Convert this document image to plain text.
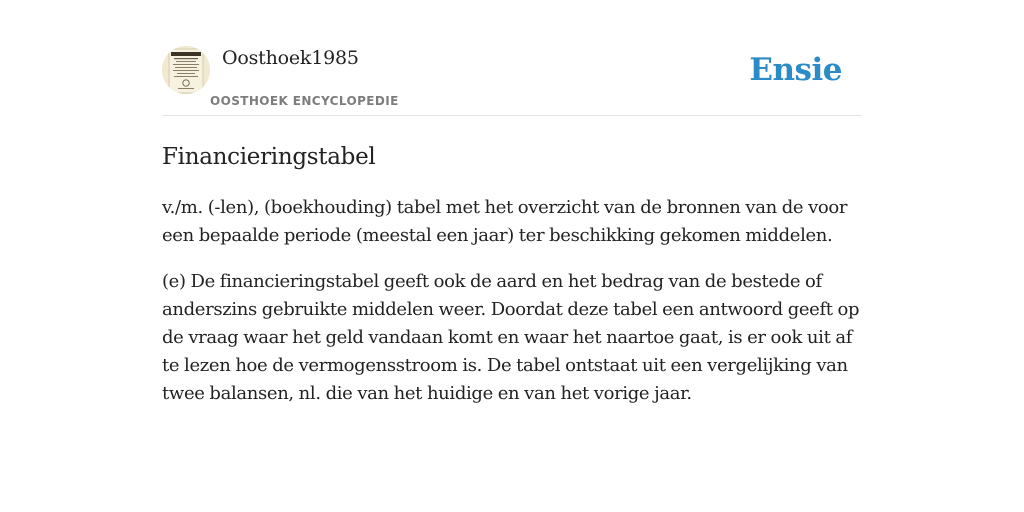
Oosthoek1985
OOSTHOEK ENCYCLOPEDIE
Ensie
Financieringstabel

v./m. (-len), (boekhouding) tabel met het overzicht van de bronnen van de voor een bepaalde periode (meestal een jaar) ter beschikking gekomen middelen.

(e) De financieringstabel geeft ook de aard en het bedrag van de bestede of anderszins gebruikte middelen weer. Doordat deze tabel een antwoord geeft op de vraag waar het geld vandaan komt en waar het naartoe gaat, is er ook uit af te lezen hoe de vermogensstroom is. De tabel ontstaat uit een vergelijking van twee balansen, nl. die van het huidige en van het vorige jaar.
